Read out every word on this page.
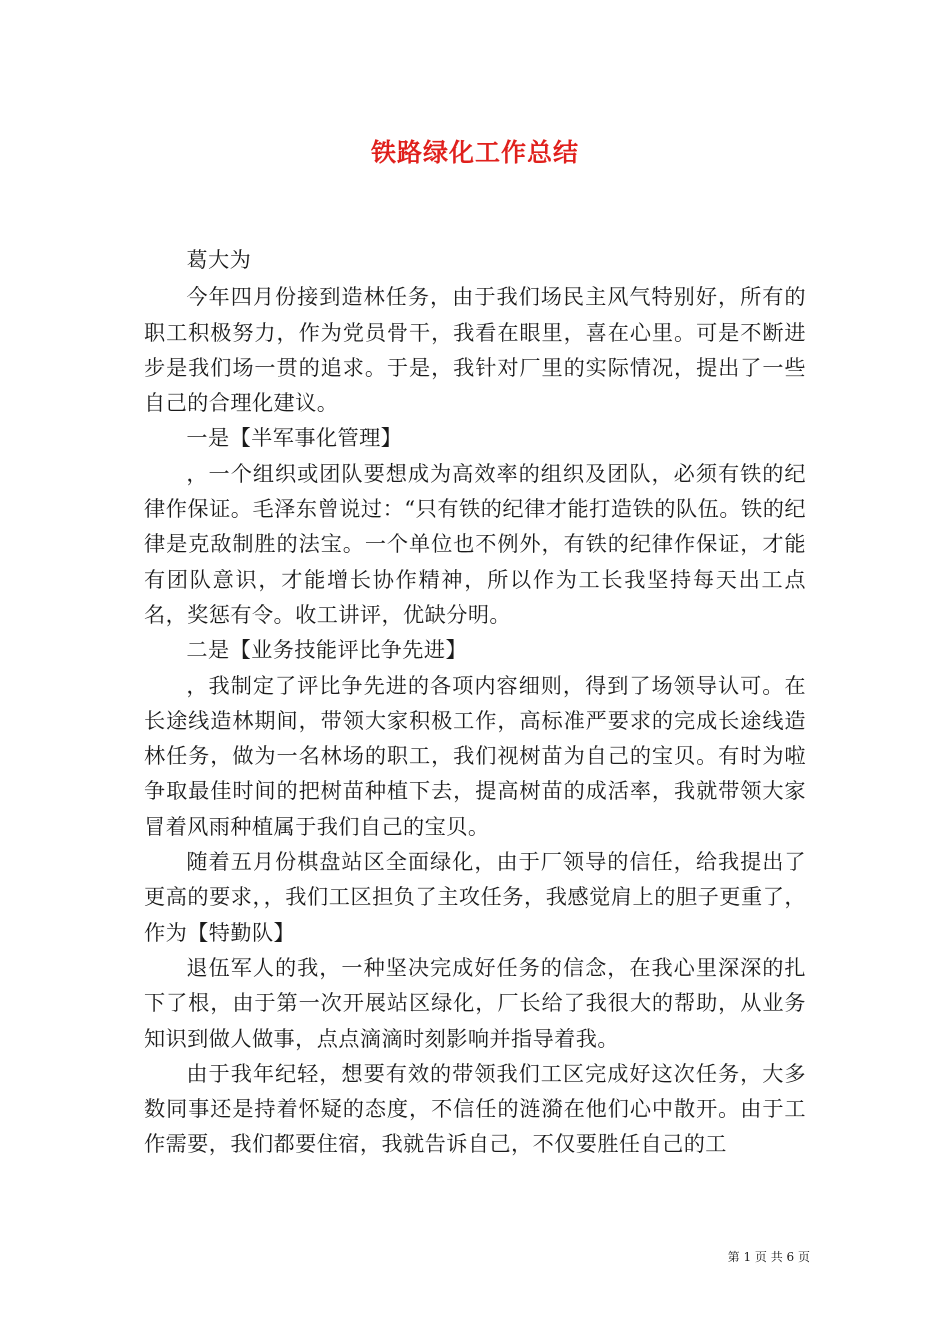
铁路绿化工作总结

葛大为

今年四月份接到造林任务，由于我们场民主风气特别好，所有的职工积极努力，作为党员骨干，我看在眼里，喜在心里。可是不断进步是我们场一贯的追求。于是，我针对厂里的实际情况，提出了一些自己的合理化建议。

一是【半军事化管理】

，一个组织或团队要想成为高效率的组织及团队，必须有铁的纪律作保证。毛泽东曾说过：“只有铁的纪律才能打造铁的队伍。铁的纪律是克敌制胜的法宝。一个单位也不例外，有铁的纪律作保证，才能有团队意识，才能增长协作精神，所以作为工长我坚持每天出工点名，奖惩有令。收工讲评，优缺分明。

二是【业务技能评比争先进】

，我制定了评比争先进的各项内容细则，得到了场领导认可。在长途线造林期间，带领大家积极工作，高标准严要求的完成长途线造林任务，做为一名林场的职工，我们视树苗为自己的宝贝。有时为啦争取最佳时间的把树苗种植下去，提高树苗的成活率，我就带领大家冒着风雨种植属于我们自己的宝贝。

随着五月份棋盘站区全面绿化，由于厂领导的信任，给我提出了更高的要求，，我们工区担负了主攻任务，我感觉肩上的胆子更重了，作为【特勤队】

退伍军人的我，一种坚决完成好任务的信念，在我心里深深的扎下了根，由于第一次开展站区绿化，厂长给了我很大的帮助，从业务知识到做人做事，点点滴滴时刻影响并指导着我。

由于我年纪轻，想要有效的带领我们工区完成好这次任务，大多数同事还是持着怀疑的态度，不信任的涟漪在他们心中散开。由于工作需要，我们都要住宿，我就告诉自己，不仅要胜任自己的工

第 1 页 共 6 页
